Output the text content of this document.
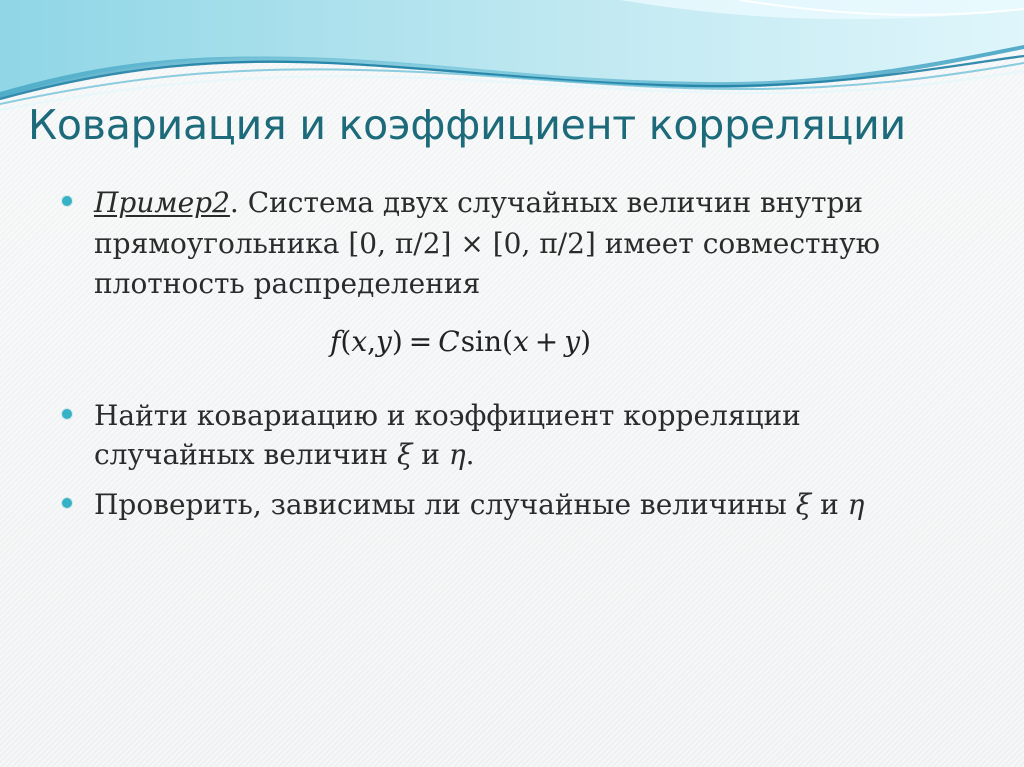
Ковариация и коэффициент корреляции
Пример2. Система двух случайных величин внутри
прямоугольника [0, π/2] × [0, π/2] имеет совместную
плотность распределения
f(x,y) = Csin(x + y)
Найти ковариацию и коэффициент корреляции
случайных величин ξ и η.
Проверить, зависимы ли случайные величины ξ и η
